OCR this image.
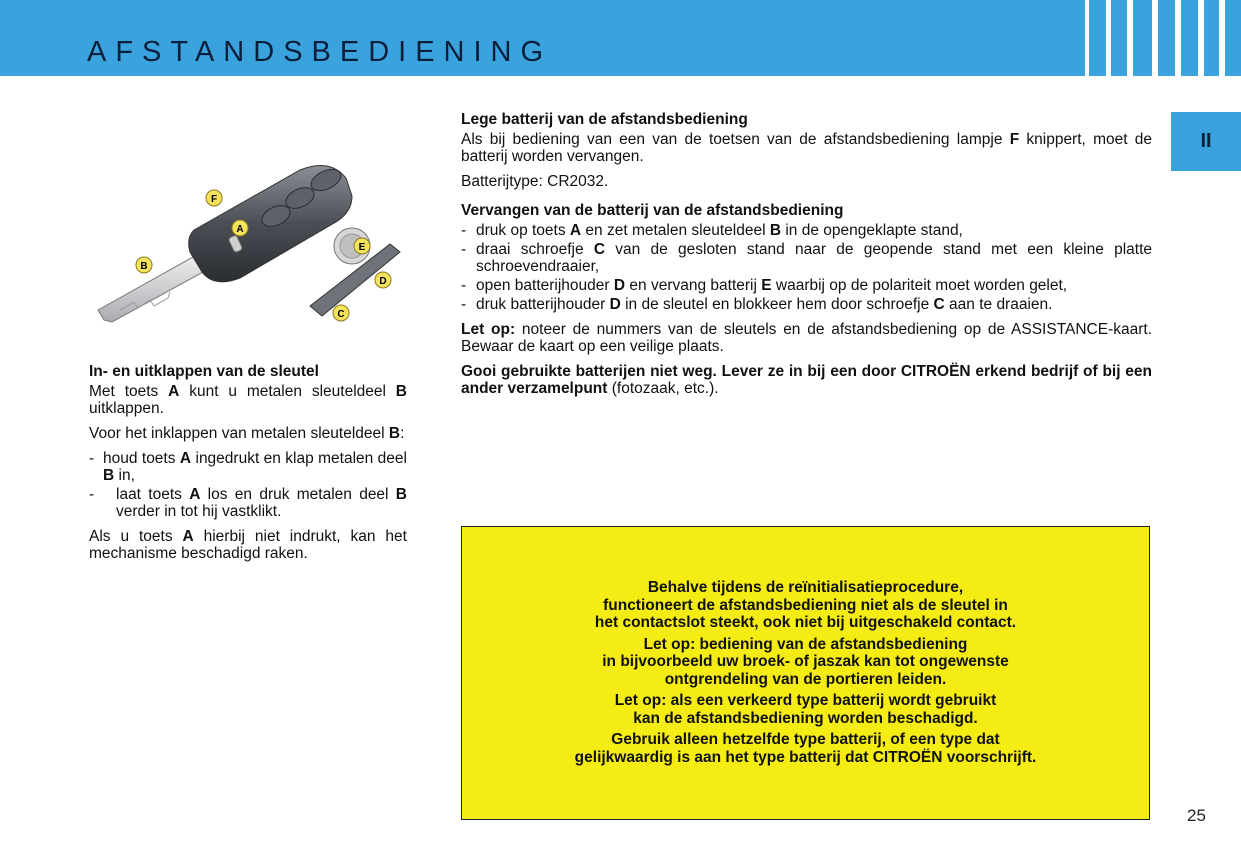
AFSTANDSBEDIENING
II
F
A
B
E
D
C

In- en uitklappen van de sleutel

Met toets A kunt u metalen sleuteldeel B uitklappen.

Voor het inklappen van metalen sleuteldeel B:

- houd toets A ingedrukt en klap metalen deel B in,

-	laat toets A los en druk metalen deel B verder in tot hij vastklikt.

Als u toets A hierbij niet indrukt, kan het mechanisme beschadigd raken.

Lege batterij van de afstandsbediening

Als bij bediening van een van de toetsen van de afstandsbediening lampje F knippert, moet de batterij worden vervangen.

Batterijtype: CR2032.

Vervangen van de batterij van de afstandsbediening

- druk op toets A en zet metalen sleuteldeel B in de opengeklapte stand,

- draai schroefje C van de gesloten stand naar de geopende stand met een kleine platte schroevendraaier,

- open batterijhouder D en vervang batterij E waarbij op de polariteit moet worden gelet,

- druk batterijhouder D in de sleutel en blokkeer hem door schroefje C aan te draaien.

Let op: noteer de nummers van de sleutels en de afstandsbediening op de ASSISTANCE-kaart. Bewaar de kaart op een veilige plaats.

Gooi gebruikte batterijen niet weg. Lever ze in bij een door CITROËN erkend bedrijf of bij een ander verzamelpunt (fotozaak, etc.).

Behalve tijdens de reïnitialisatieprocedure,
functioneert de afstandsbediening niet als de sleutel in
het contactslot steekt, ook niet bij uitgeschakeld contact.

Let op: bediening van de afstandsbediening
in bijvoorbeeld uw broek- of jaszak kan tot ongewenste
ontgrendeling van de portieren leiden.

Let op: als een verkeerd type batterij wordt gebruikt
kan de afstandsbediening worden beschadigd.

Gebruik alleen hetzelfde type batterij, of een type dat
gelijkwaardig is aan het type batterij dat CITROËN voorschrijft.

25
